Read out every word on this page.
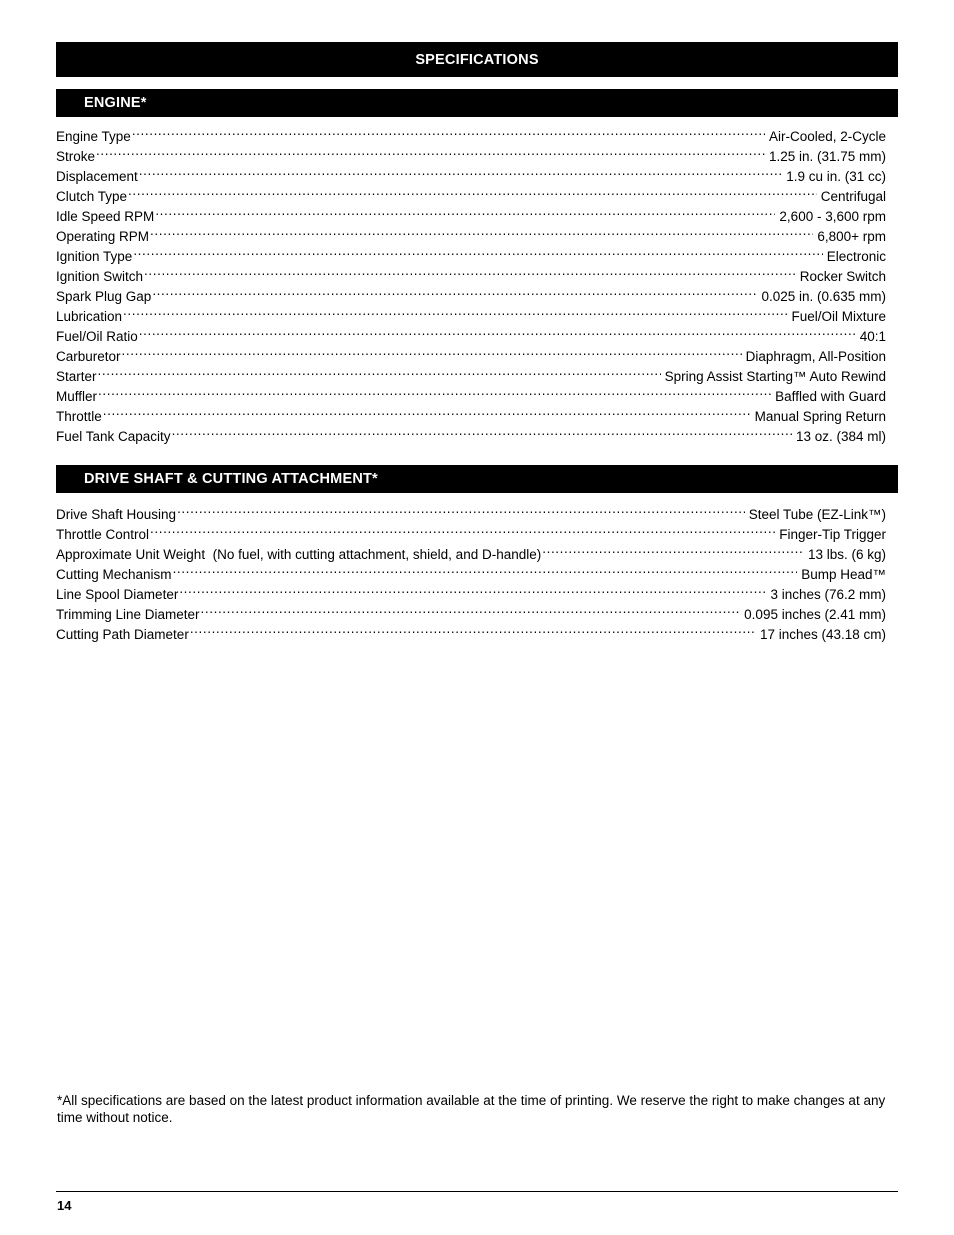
SPECIFICATIONS
ENGINE*
Engine Type .....	Air-Cooled, 2-Cycle
Stroke .....	1.25 in. (31.75 mm)
Displacement .....	1.9 cu in. (31 cc)
Clutch Type .....	Centrifugal
Idle Speed RPM .....	2,600 - 3,600 rpm
Operating RPM .....	6,800+ rpm
Ignition Type .....	Electronic
Ignition Switch .....	Rocker Switch
Spark Plug Gap .....	0.025 in. (0.635 mm)
Lubrication .....	Fuel/Oil Mixture
Fuel/Oil Ratio .....	40:1
Carburetor .....	Diaphragm, All-Position
Starter .....	Spring Assist Starting™ Auto Rewind
Muffler .....	Baffled with Guard
Throttle .....	Manual Spring Return
Fuel Tank Capacity .....	13 oz. (384 ml)
DRIVE SHAFT & CUTTING ATTACHMENT*
Drive Shaft Housing .....	Steel Tube (EZ-Link™)
Throttle Control .....	Finger-Tip Trigger
Approximate Unit Weight  (No fuel, with cutting attachment, shield, and D-handle) .....	13 lbs. (6 kg)
Cutting Mechanism .....	Bump Head™
Line Spool Diameter .....	3 inches (76.2 mm)
Trimming Line Diameter .....	0.095 inches (2.41 mm)
Cutting Path Diameter .....	17 inches (43.18 cm)

*All specifications are based on the latest product information available at the time of printing. We reserve the right to make changes at any time without notice.

14
